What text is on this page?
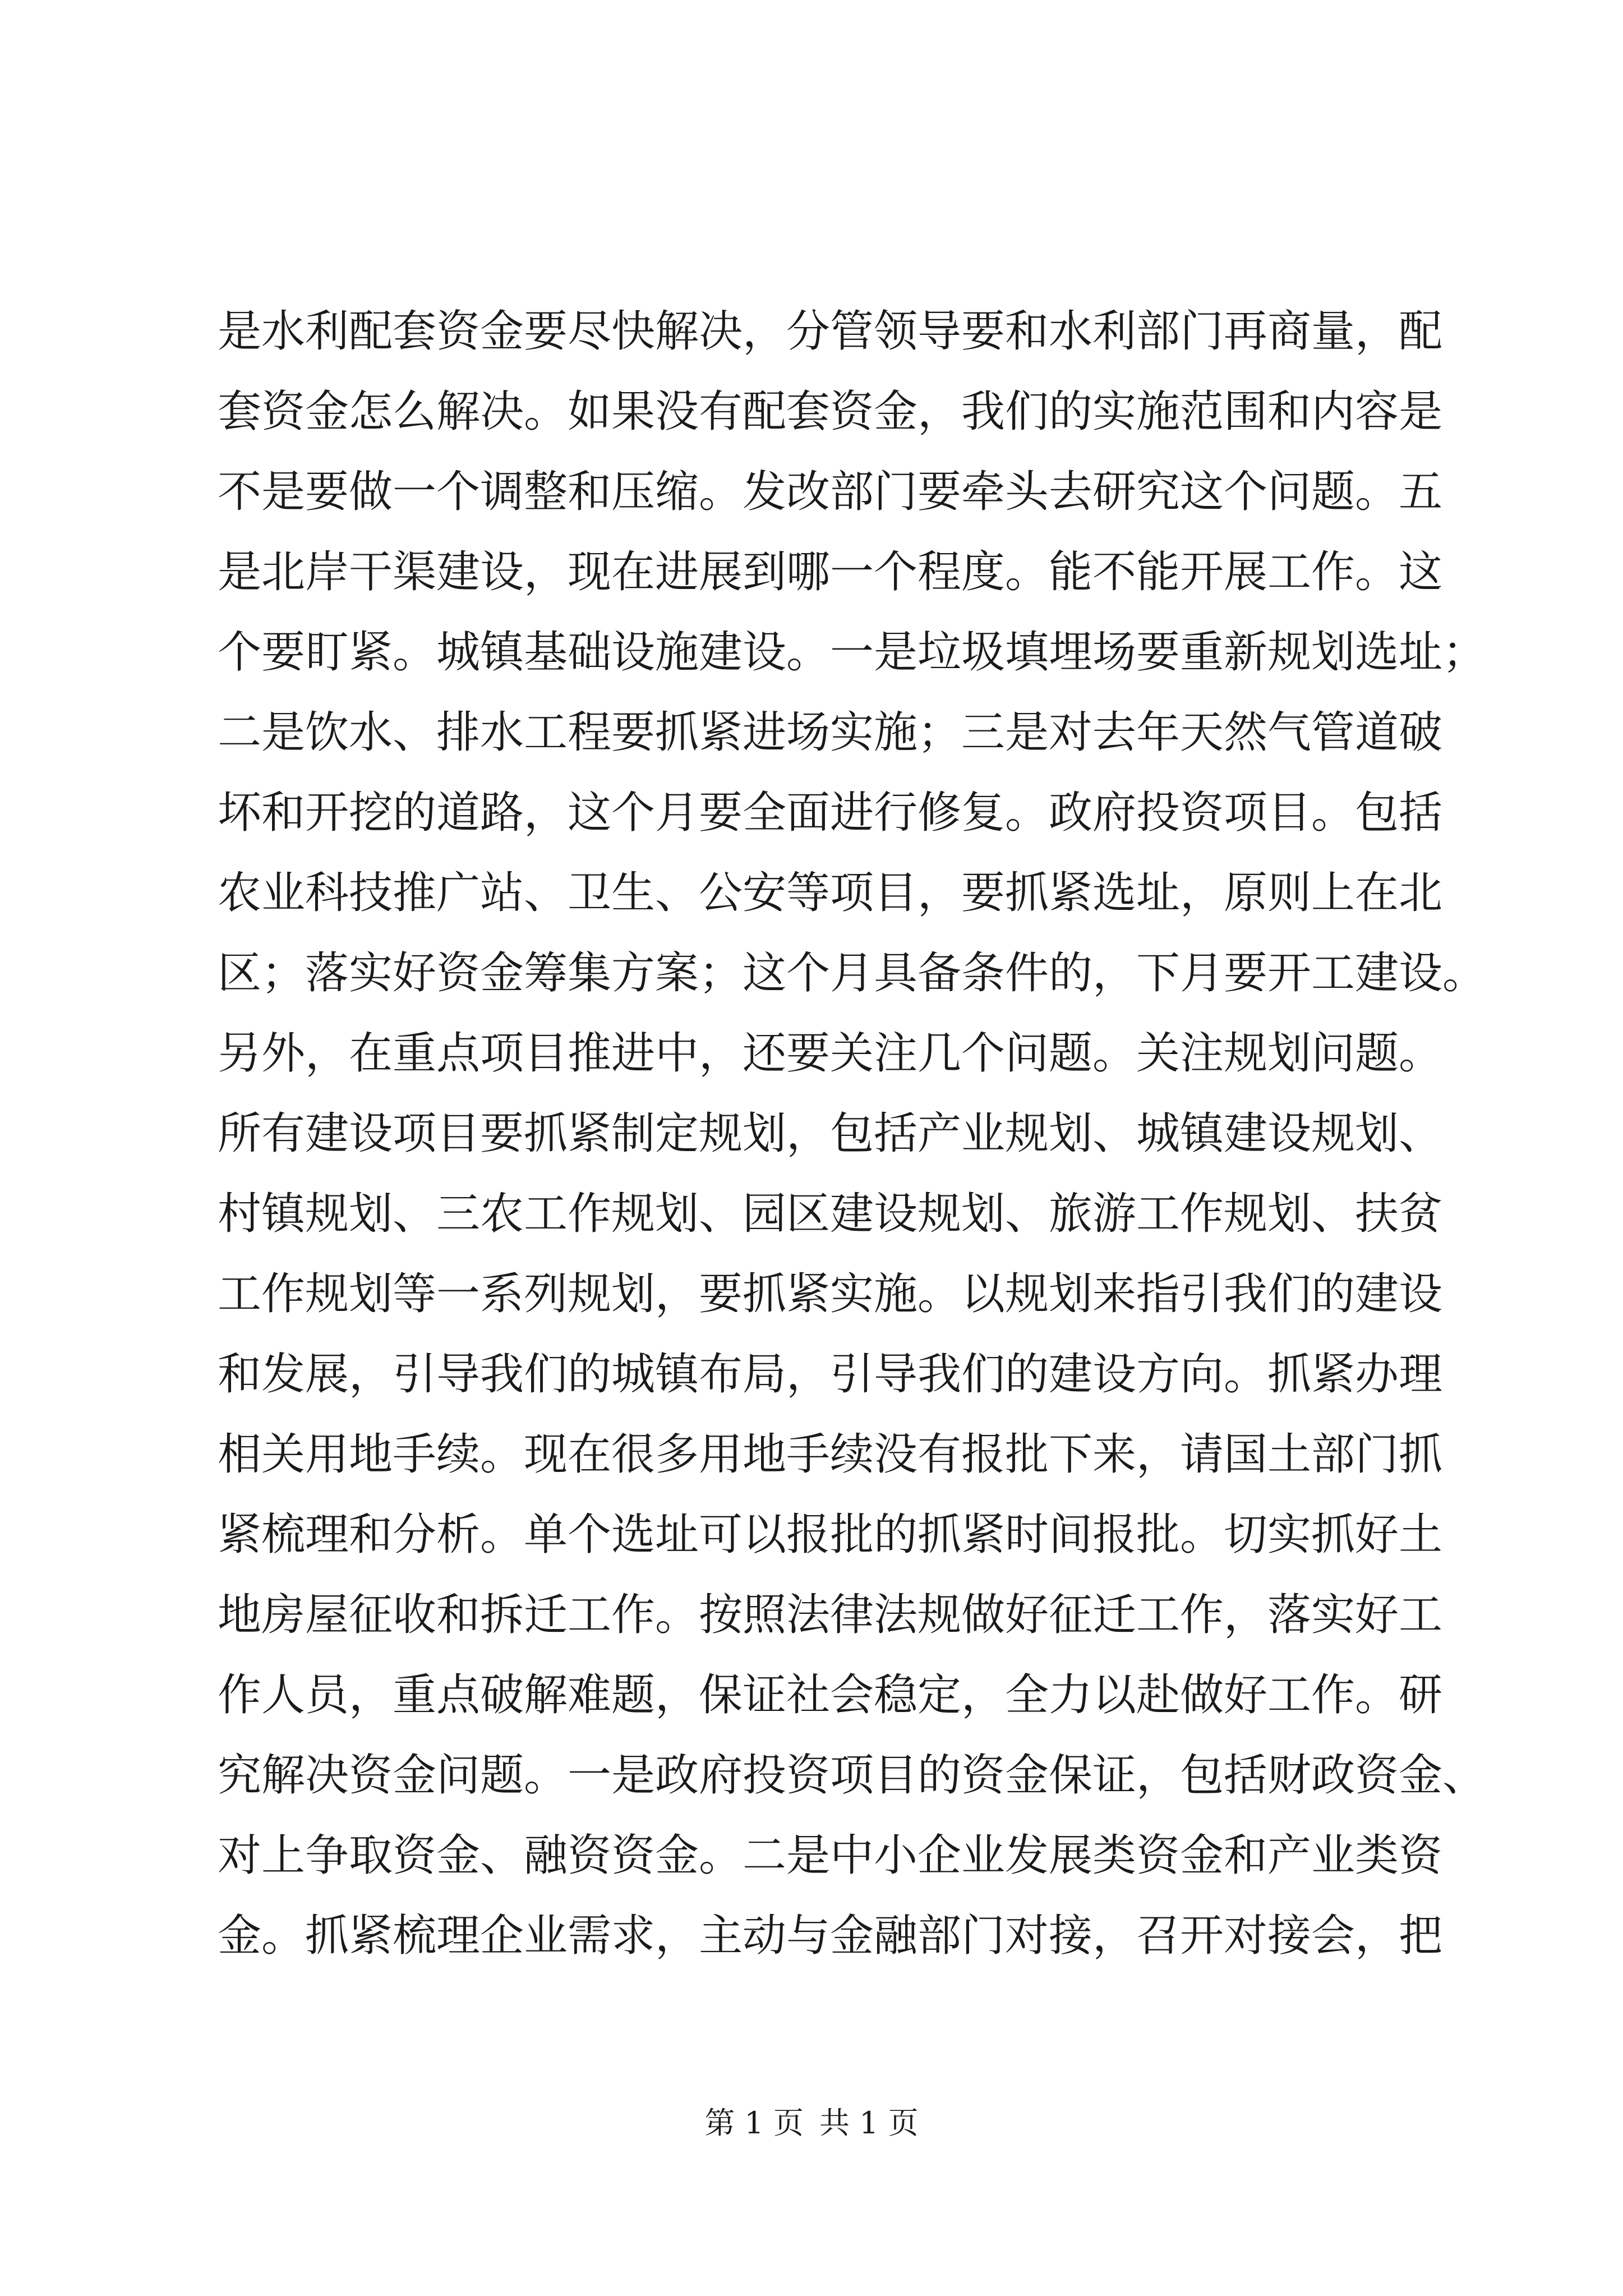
是水利配套资金要尽快解决，分管领导要和水利部门再商量，配
套资金怎么解决。如果没有配套资金，我们的实施范围和内容是
不是要做一个调整和压缩。发改部门要牵头去研究这个问题。五
是北岸干渠建设，现在进展到哪一个程度。能不能开展工作。这
个要盯紧。城镇基础设施建设。一是垃圾填埋场要重新规划选址；
二是饮水、排水工程要抓紧进场实施；三是对去年天然气管道破
坏和开挖的道路，这个月要全面进行修复。政府投资项目。包括
农业科技推广站、卫生、公安等项目，要抓紧选址，原则上在北
区；落实好资金筹集方案；这个月具备条件的，下月要开工建设。
另外，在重点项目推进中，还要关注几个问题。关注规划问题。
所有建设项目要抓紧制定规划，包括产业规划、城镇建设规划、
村镇规划、三农工作规划、园区建设规划、旅游工作规划、扶贫
工作规划等一系列规划，要抓紧实施。以规划来指引我们的建设
和发展，引导我们的城镇布局，引导我们的建设方向。抓紧办理
相关用地手续。现在很多用地手续没有报批下来，请国土部门抓
紧梳理和分析。单个选址可以报批的抓紧时间报批。切实抓好土
地房屋征收和拆迁工作。按照法律法规做好征迁工作，落实好工
作人员，重点破解难题，保证社会稳定，全力以赴做好工作。研
究解决资金问题。一是政府投资项目的资金保证，包括财政资金、
对上争取资金、融资资金。二是中小企业发展类资金和产业类资
金。抓紧梳理企业需求，主动与金融部门对接，召开对接会，把
第 1 页 共 1 页
